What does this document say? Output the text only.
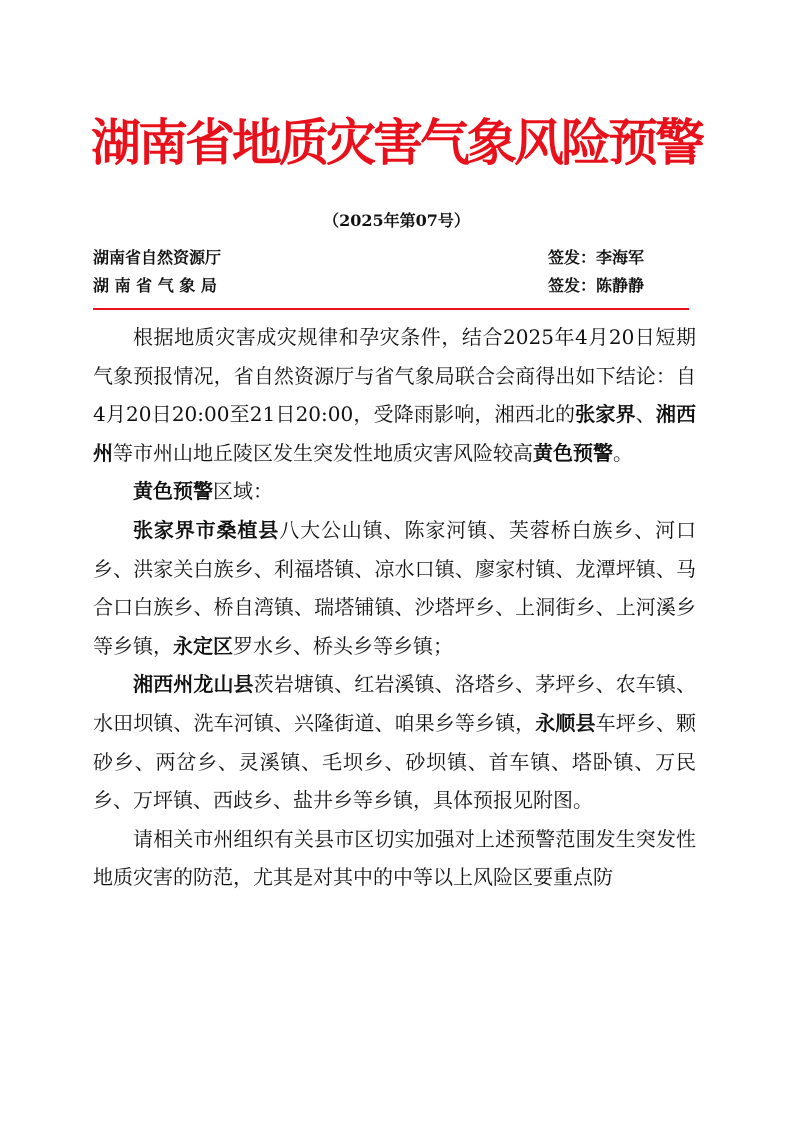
湖南省地质灾害气象风险预警
（2025年第07号）
湖南省自然资源厅	签发：李海军
湖 南 省 气 象 局	签发：陈静静

根据地质灾害成灾规律和孕灾条件，结合2025年4月20日短期气象预报情况，省自然资源厅与省气象局联合会商得出如下结论：自4月20日20:00至21日20:00，受降雨影响，湘西北的张家界、湘西州等市州山地丘陵区发生突发性地质灾害风险较高黄色预警。

黄色预警区域：

张家界市桑植县八大公山镇、陈家河镇、芙蓉桥白族乡、河口乡、洪家关白族乡、利福塔镇、凉水口镇、廖家村镇、龙潭坪镇、马合口白族乡、桥自湾镇、瑞塔铺镇、沙塔坪乡、上洞街乡、上河溪乡等乡镇，永定区罗水乡、桥头乡等乡镇；

湘西州龙山县茨岩塘镇、红岩溪镇、洛塔乡、茅坪乡、农车镇、水田坝镇、洗车河镇、兴隆街道、咱果乡等乡镇，永顺县车坪乡、颗砂乡、两岔乡、灵溪镇、毛坝乡、砂坝镇、首车镇、塔卧镇、万民乡、万坪镇、西歧乡、盐井乡等乡镇，具体预报见附图。

请相关市州组织有关县市区切实加强对上述预警范围发生突发性地质灾害的防范，尤其是对其中的中等以上风险区要重点防
